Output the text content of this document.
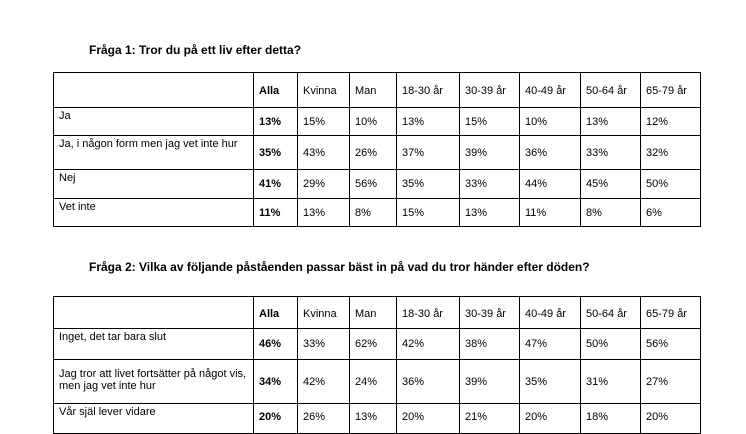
Fråga 1: Tror du på ett liv efter detta?
	Alla	Kvinna	Man	18-30 år	30-39 år	40-49 år	50-64 år	65-79 år
Ja	13%	15%	10%	13%	15%	10%	13%	12%
Ja, i någon form men jag vet inte hur	35%	43%	26%	37%	39%	36%	33%	32%
Nej	41%	29%	56%	35%	33%	44%	45%	50%
Vet inte	11%	13%	8%	15%	13%	11%	8%	6%
Fråga 2: Vilka av följande påståenden passar bäst in på vad du tror händer efter döden?
	Alla	Kvinna	Man	18-30 år	30-39 år	40-49 år	50-64 år	65-79 år
Inget, det tar bara slut	46%	33%	62%	42%	38%	47%	50%	56%
Jag tror att livet fortsätter på något vis, men jag vet inte hur	34%	42%	24%	36%	39%	35%	31%	27%
Vår själ lever vidare	20%	26%	13%	20%	21%	20%	18%	20%
